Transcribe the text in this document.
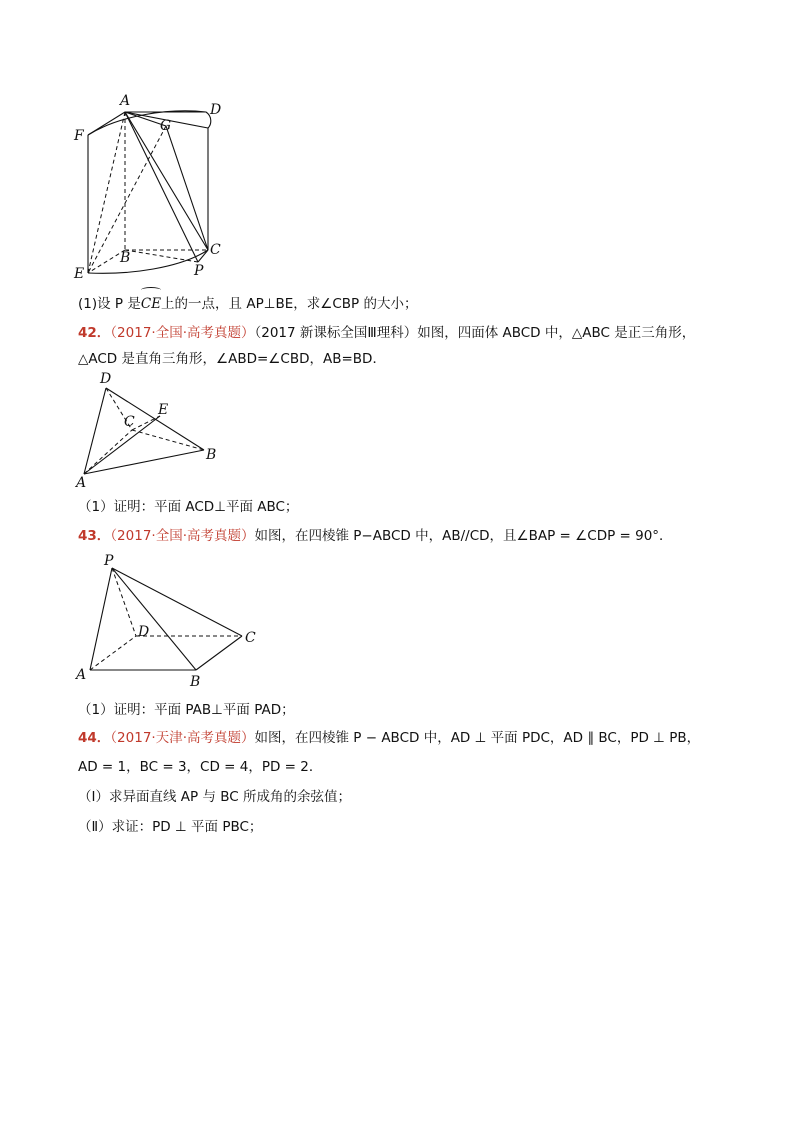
A
D
F
G
C
B
E	P
(1)设 P 是
CE上的一点，且 AP⊥BE，求∠CBP 的大小；
42．（2017·全国·高考真题）（2017 新课标全国Ⅲ理科）如图，四面体 ABCD 中，△ABC 是正三角形，
△ACD 是直角三角形，∠ABD=∠CBD，AB=BD．
D
E
C
B
A
（1）证明：平面 ACD⊥平面 ABC；
43．（2017·全国·高考真题）如图，在四棱锥 P−ABCD 中，AB//CD，且∠BAP = ∠CDP = 90°．
P
D	C
A	B
（1）证明：平面 PAB⊥平面 PAD；
44．（2017·天津·高考真题）如图，在四棱锥 P − ABCD 中，AD ⊥ 平面 PDC，AD ∥ BC，PD ⊥ PB，
AD = 1，BC = 3，CD = 4，PD = 2．
（Ⅰ）求异面直线 AP 与 BC 所成角的余弦值；
（Ⅱ）求证：PD ⊥ 平面 PBC；
